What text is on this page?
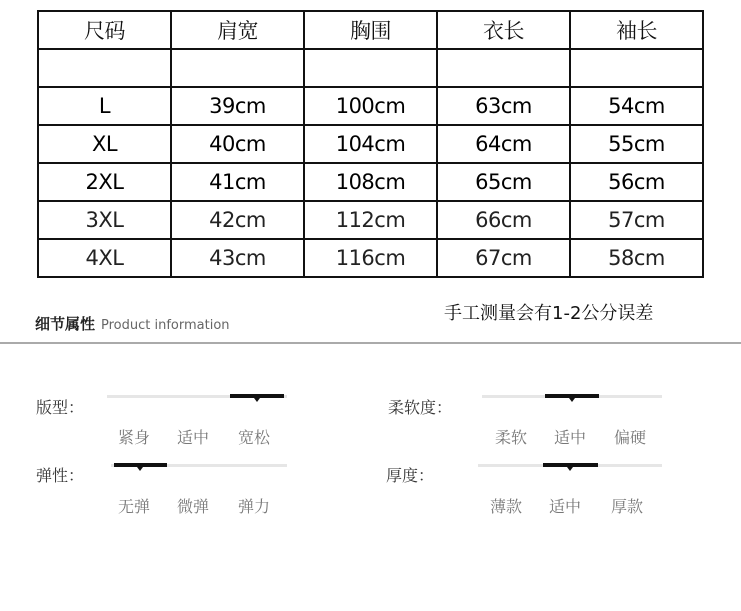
尺码	肩宽	胸围	衣长	袖长

L	39cm	100cm	63cm	54cm
XL	40cm	104cm	64cm	55cm
2XL	41cm	108cm	65cm	56cm
3XL	42cm	112cm	66cm	57cm
4XL	43cm	116cm	67cm	58cm
手工测量会有1-2公分误差
细节属性 Product information
版型：
紧身 适中 宽松
柔软度：
柔软 适中 偏硬
弹性：
无弹 微弹 弹力
厚度：
薄款 适中 厚款
